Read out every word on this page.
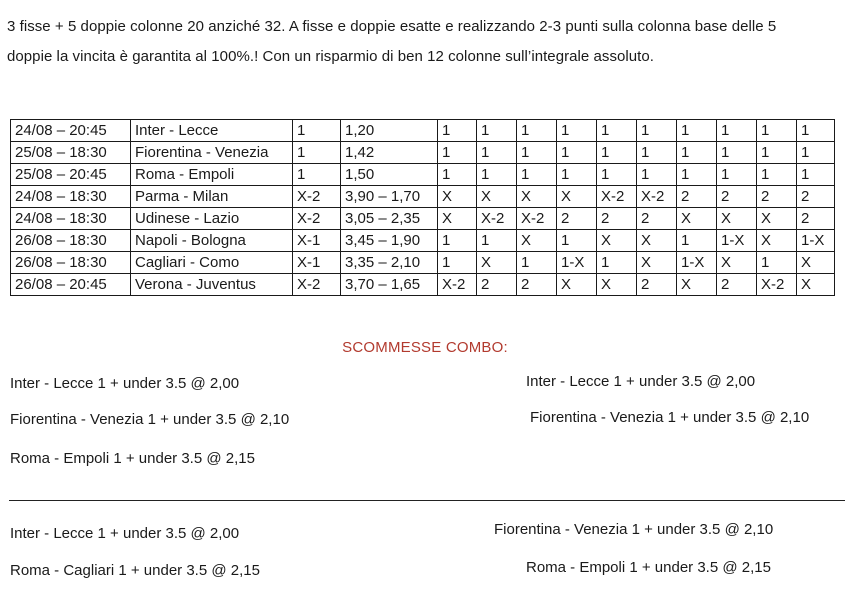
3 fisse + 5 doppie colonne 20 anziché 32. A fisse e doppie esatte e realizzando 2-3 punti sulla colonna base delle 5
doppie la vincita è garantita al 100%.! Con un risparmio di ben 12 colonne sull’integrale assoluto.
24/08 – 20:45	Inter - Lecce	1	1,20	1	1	1	1	1	1	1	1	1	1
25/08 – 18:30	Fiorentina - Venezia	1	1,42	1	1	1	1	1	1	1	1	1	1
25/08 – 20:45	Roma - Empoli	1	1,50	1	1	1	1	1	1	1	1	1	1
24/08 – 18:30	Parma - Milan	X-2	3,90 – 1,70	X	X	X	X	X-2	X-2	2	2	2	2
24/08 – 18:30	Udinese - Lazio	X-2	3,05 – 2,35	X	X-2	X-2	2	2	2	X	X	X	2
26/08 – 18:30	Napoli - Bologna	X-1	3,45 – 1,90	1	1	X	1	X	X	1	1-X	X	1-X
26/08 – 18:30	Cagliari - Como	X-1	3,35 – 2,10	1	X	1	1-X	1	X	1-X	X	1	X
26/08 – 20:45	Verona - Juventus	X-2	3,70 – 1,65	X-2	2	2	X	X	2	X	2	X-2	X
SCOMMESSE COMBO:
Inter - Lecce 1 + under 3.5 @ 2,00
Fiorentina - Venezia 1 + under 3.5 @ 2,10
Roma - Empoli 1 + under 3.5 @ 2,15
Inter - Lecce 1 + under 3.5 @ 2,00
Fiorentina - Venezia 1 + under 3.5 @ 2,10
Inter - Lecce 1 + under 3.5 @ 2,00
Roma - Cagliari 1 + under 3.5 @ 2,15
Fiorentina - Venezia 1 + under 3.5 @ 2,10
Roma - Empoli 1 + under 3.5 @ 2,15
